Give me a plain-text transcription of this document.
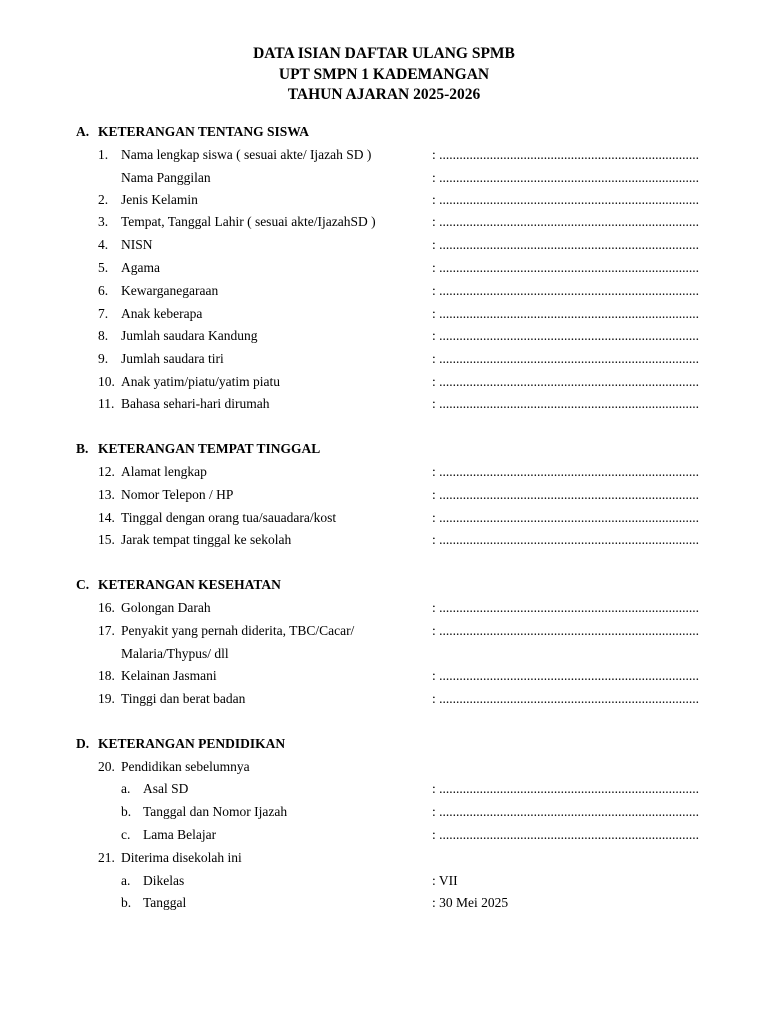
DATA ISIAN DAFTAR ULANG SPMB
UPT SMPN 1 KADEMANGAN
TAHUN AJARAN 2025-2026
A. KETERANGAN TENTANG SISWA
1. Nama lengkap siswa ( sesuai akte/ Ijazah SD )	: .............................................................................
Nama Panggilan	: .............................................................................
2. Jenis Kelamin	: .............................................................................
3. Tempat, Tanggal Lahir ( sesuai akte/IjazahSD )	: .............................................................................
4. NISN	: .............................................................................
5. Agama	: .............................................................................
6. Kewarganegaraan	: .............................................................................
7. Anak keberapa	: .............................................................................
8. Jumlah saudara Kandung	: .............................................................................
9. Jumlah saudara tiri	: .............................................................................
10. Anak yatim/piatu/yatim piatu	: .............................................................................
11. Bahasa sehari-hari dirumah	: .............................................................................
B. KETERANGAN TEMPAT TINGGAL
12. Alamat lengkap	: .............................................................................
13. Nomor Telepon / HP	: .............................................................................
14. Tinggal dengan orang tua/sauadara/kost	: .............................................................................
15. Jarak tempat tinggal ke sekolah	: .............................................................................
C. KETERANGAN KESEHATAN
16. Golongan Darah	: .............................................................................
17. Penyakit yang pernah diderita, TBC/Cacar/	: .............................................................................
Malaria/Thypus/ dll
18. Kelainan Jasmani	: .............................................................................
19. Tinggi dan berat badan	: .............................................................................
D. KETERANGAN PENDIDIKAN
20. Pendidikan sebelumnya
a. Asal SD	: .............................................................................
b. Tanggal dan Nomor Ijazah	: .............................................................................
c. Lama Belajar	: .............................................................................
21. Diterima disekolah ini
a. Dikelas	: VII
b. Tanggal	: 30 Mei 2025
